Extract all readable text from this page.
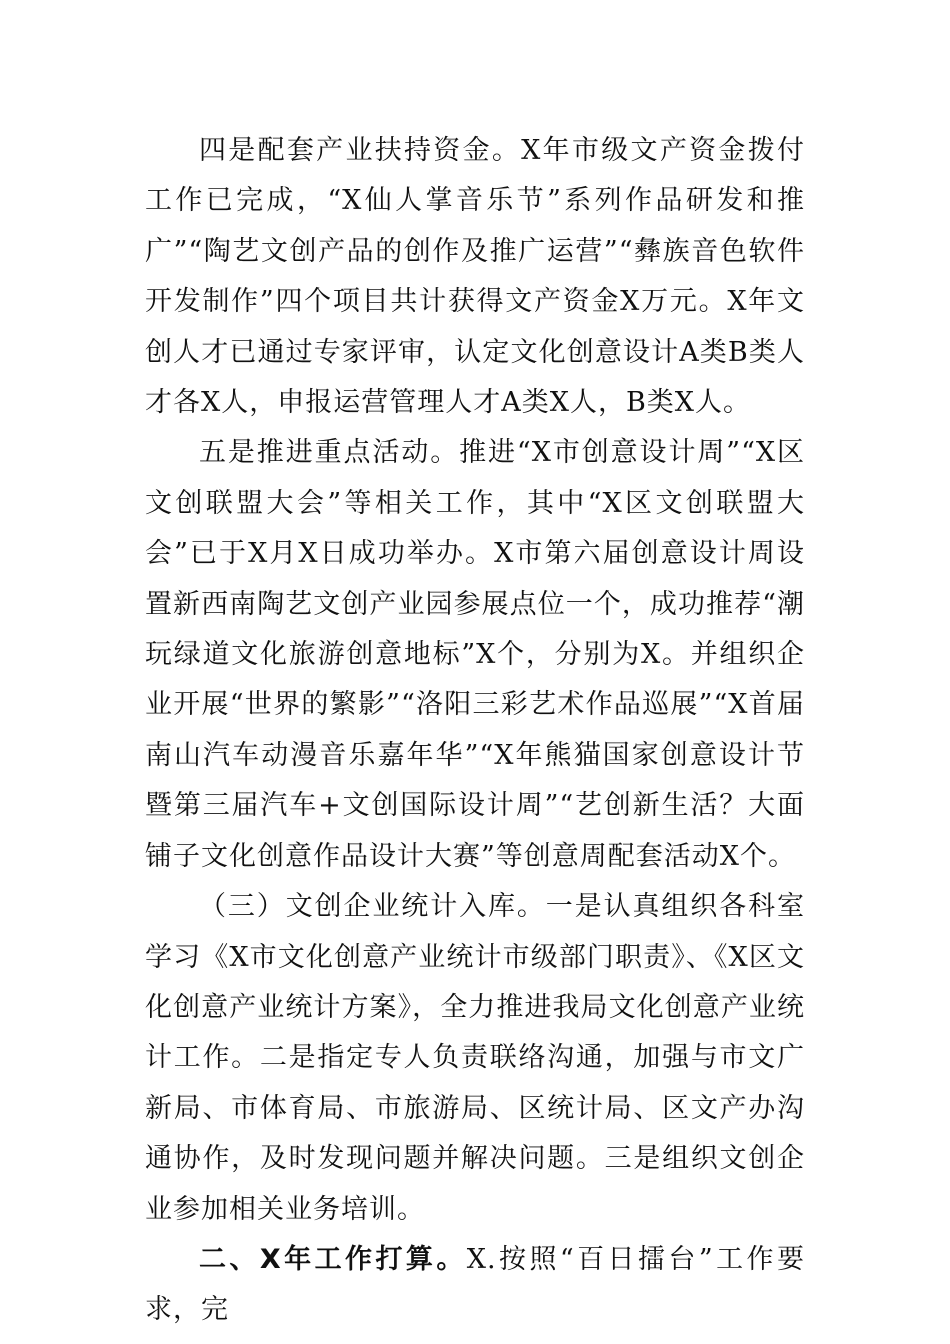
四是配套产业扶持资金。X年市级文产资金拨付工作已完成，“X仙人掌音乐节”系列作品研发和推广”“陶艺文创产品的创作及推广运营”“彝族音色软件开发制作”四个项目共计获得文产资金X万元。X年文创人才已通过专家评审，认定文化创意设计A类B类人才各X人，申报运营管理人才A类X人，B类X人。

五是推进重点活动。推进“X市创意设计周”“X区文创联盟大会”等相关工作，其中“X区文创联盟大会”已于X月X日成功举办。X市第六届创意设计周设置新西南陶艺文创产业园参展点位一个，成功推荐“潮玩绿道文化旅游创意地标”X个，分别为X。并组织企业开展“世界的繁影”“洛阳三彩艺术作品巡展”“X首届南山汽车动漫音乐嘉年华”“X年熊猫国家创意设计节暨第三届汽车+文创国际设计周”“艺创新生活？大面铺子文化创意作品设计大赛”等创意周配套活动X个。

（三）文创企业统计入库。一是认真组织各科室学习《X市文化创意产业统计市级部门职责》、《X区文化创意产业统计方案》，全力推进我局文化创意产业统计工作。二是指定专人负责联络沟通，加强与市文广新局、市体育局、市旅游局、区统计局、区文产办沟通协作，及时发现问题并解决问题。三是组织文创企业参加相关业务培训。

二、X年工作打算。X.按照“百日擂台”工作要求，完
